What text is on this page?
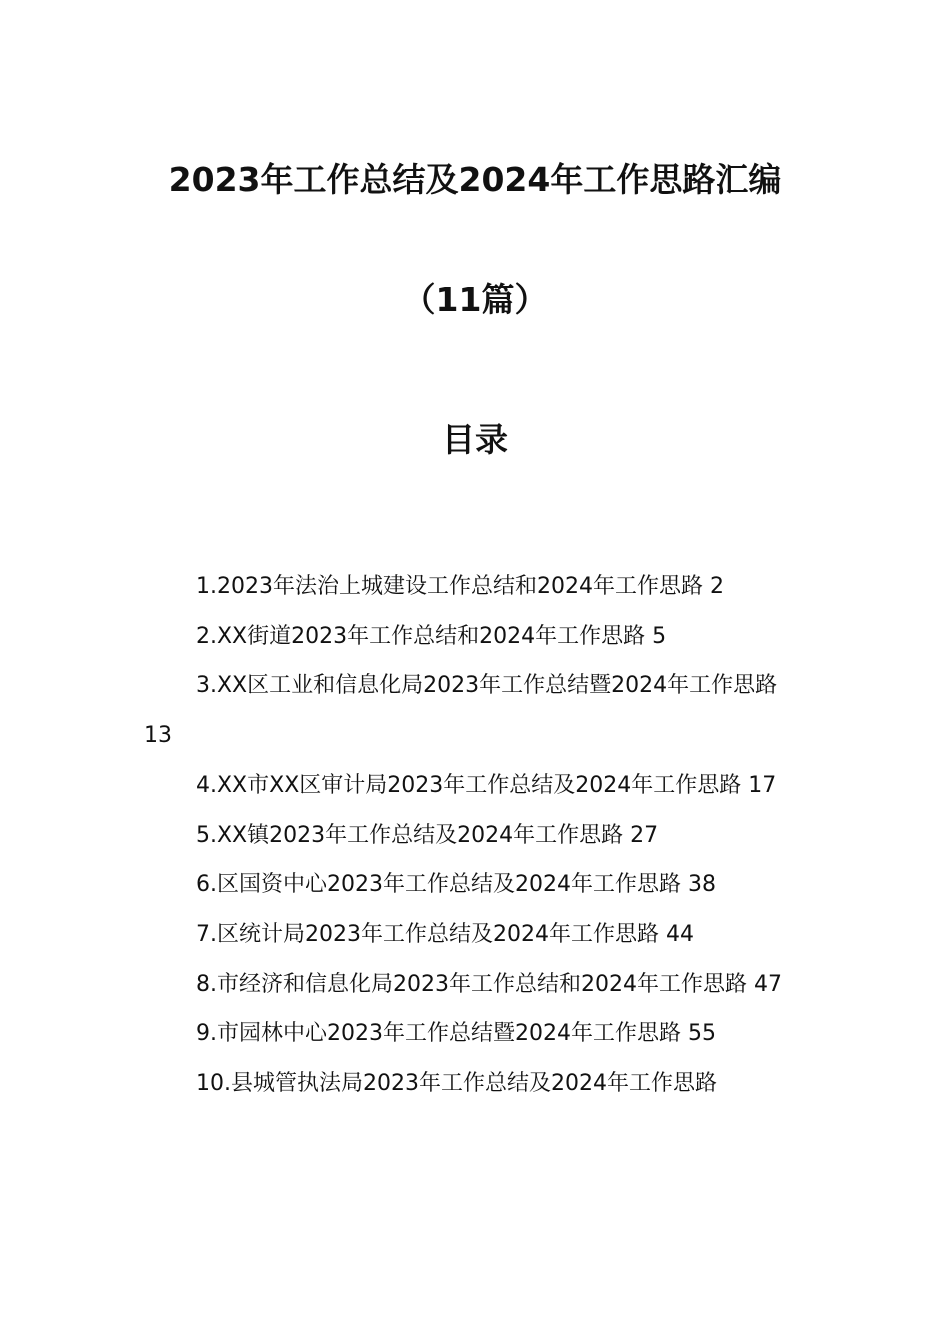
2023年工作总结及2024年工作思路汇编
（11篇）
目录

1.2023年法治上城建设工作总结和2024年工作思路 2

2.XX街道2023年工作总结和2024年工作思路 5

3.XX区工业和信息化局2023年工作总结暨2024年工作思路 13

4.XX市XX区审计局2023年工作总结及2024年工作思路 17

5.XX镇2023年工作总结及2024年工作思路 27

6.区国资中心2023年工作总结及2024年工作思路 38

7.区统计局2023年工作总结及2024年工作思路 44

8.市经济和信息化局2023年工作总结和2024年工作思路 47

9.市园林中心2023年工作总结暨2024年工作思路 55

10.县城管执法局2023年工作总结及2024年工作思路
